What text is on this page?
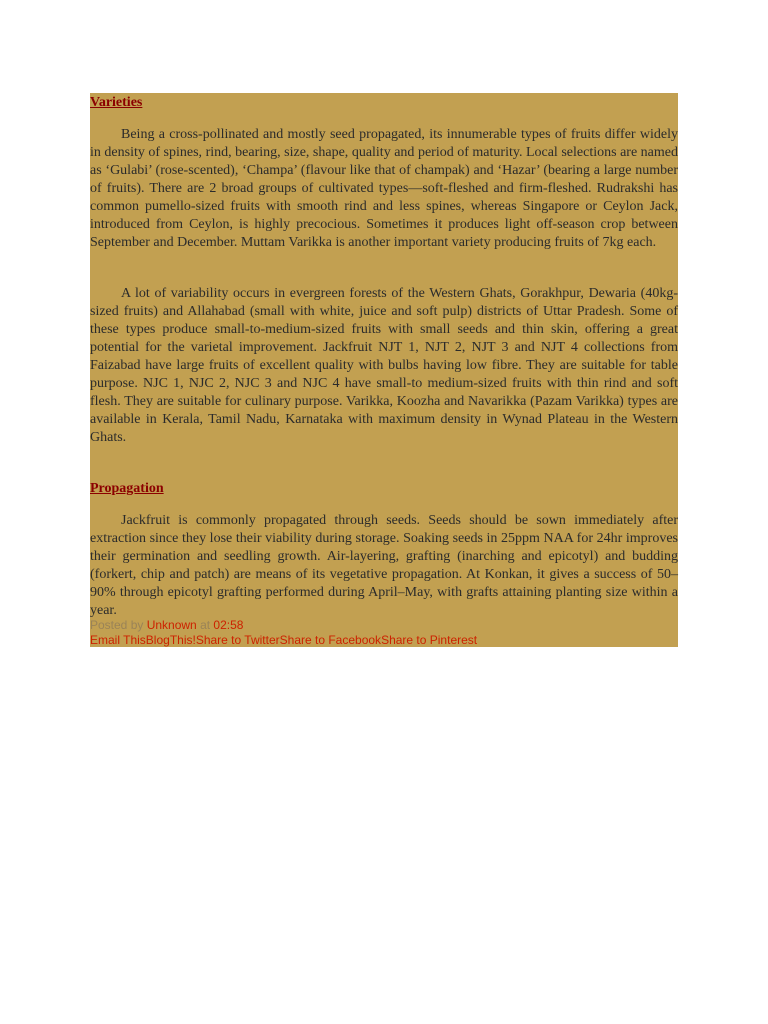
Varieties

Being a cross-pollinated and mostly seed propagated, its innumerable types of fruits differ widely in density of spines, rind, bearing, size, shape, quality and period of maturity. Local selections are named as ‘Gulabi’ (rose-scented), ‘Champa’ (flavour like that of champak) and ‘Hazar’ (bearing a large number of fruits). There are 2 broad groups of cultivated types—soft-fleshed and firm-fleshed. Rudrakshi has common pumello-sized fruits with smooth rind and less spines, whereas Singapore or Ceylon Jack, introduced from Ceylon, is highly precocious. Sometimes it produces light off-season crop between September and December. Muttam Varikka is another important variety producing fruits of 7kg each.

A lot of variability occurs in evergreen forests of the Western Ghats, Gorakhpur, Dewaria (40kg-sized fruits) and Allahabad (small with white, juice and soft pulp) districts of Uttar Pradesh. Some of these types produce small-to-medium-sized fruits with small seeds and thin skin, offering a great potential for the varietal improvement. Jackfruit NJT 1, NJT 2, NJT 3 and NJT 4 collections from Faizabad have large fruits of excellent quality with bulbs having low fibre. They are suitable for table purpose. NJC 1, NJC 2, NJC 3 and NJC 4 have small-to medium-sized fruits with thin rind and soft flesh. They are suitable for culinary purpose. Varikka, Koozha and Navarikka (Pazam Varikka) types are available in Kerala, Tamil Nadu, Karnataka with maximum density in Wynad Plateau in the Western Ghats.

Propagation

Jackfruit is commonly propagated through seeds. Seeds should be sown immediately after extraction since they lose their viability during storage. Soaking seeds in 25ppm NAA for 24hr improves their germination and seedling growth. Air-layering, grafting (inarching and epicotyl) and budding (forkert, chip and patch) are means of its vegetative propagation. At Konkan, it gives a success of 50–90% through epicotyl grafting performed during April–May, with grafts attaining planting size within a year.

Posted by Unknown at 02:58
Email ThisBlogThis!Share to TwitterShare to FacebookShare to Pinterest
